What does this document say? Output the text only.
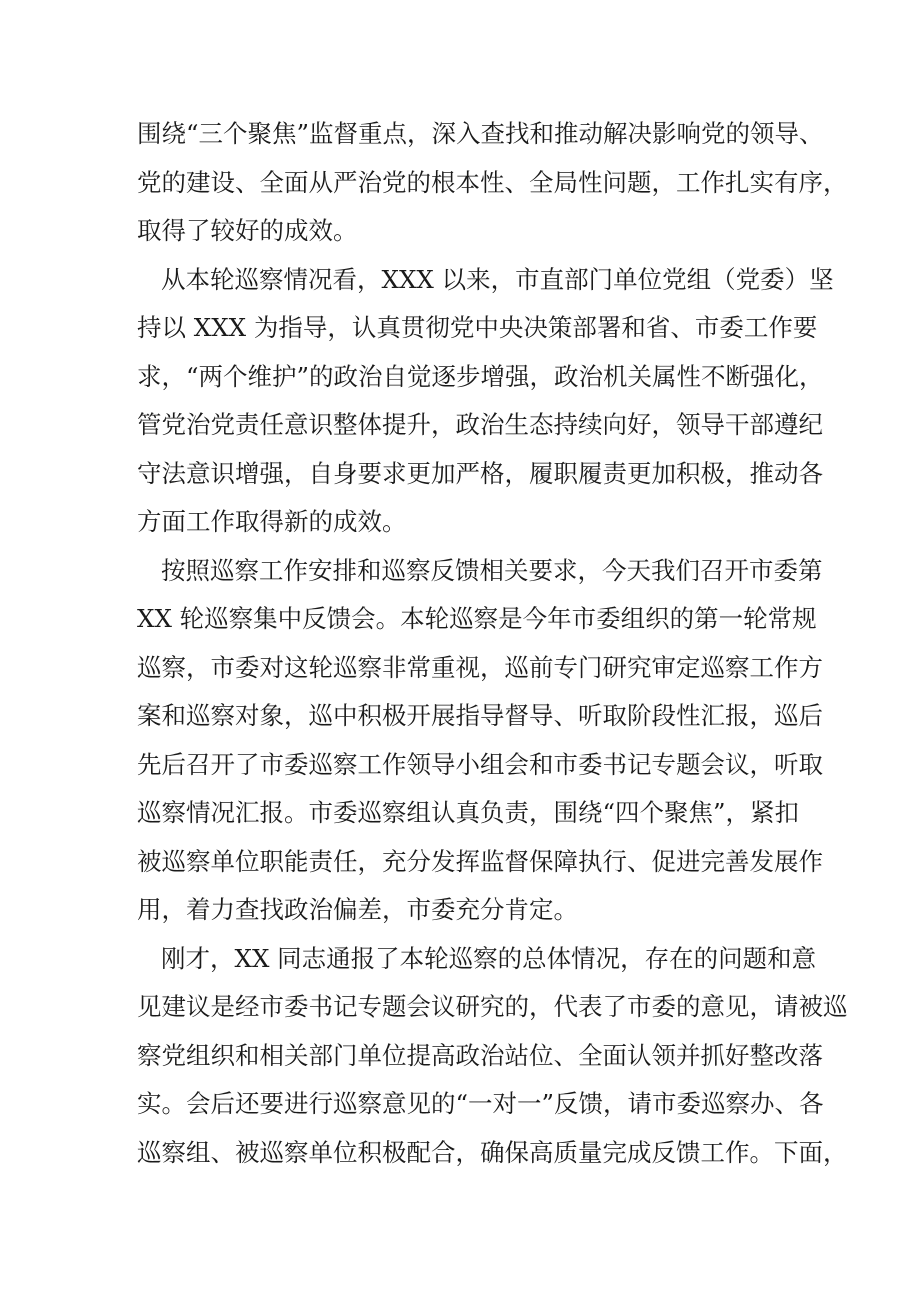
围绕“三个聚焦”监督重点，深入查找和推动解决影响党的领导、
党的建设、全面从严治党的根本性、全局性问题，工作扎实有序，
取得了较好的成效。
从本轮巡察情况看，XXX 以来，市直部门单位党组（党委）坚
持以 XXX 为指导，认真贯彻党中央决策部署和省、市委工作要
求，“两个维护”的政治自觉逐步增强，政治机关属性不断强化，
管党治党责任意识整体提升，政治生态持续向好，领导干部遵纪
守法意识增强，自身要求更加严格，履职履责更加积极，推动各
方面工作取得新的成效。
按照巡察工作安排和巡察反馈相关要求，今天我们召开市委第
XX 轮巡察集中反馈会。本轮巡察是今年市委组织的第一轮常规
巡察，市委对这轮巡察非常重视，巡前专门研究审定巡察工作方
案和巡察对象，巡中积极开展指导督导、听取阶段性汇报，巡后
先后召开了市委巡察工作领导小组会和市委书记专题会议，听取
巡察情况汇报。市委巡察组认真负责，围绕“四个聚焦”，紧扣
被巡察单位职能责任，充分发挥监督保障执行、促进完善发展作
用，着力查找政治偏差，市委充分肯定。
刚才，XX 同志通报了本轮巡察的总体情况，存在的问题和意
见建议是经市委书记专题会议研究的，代表了市委的意见，请被巡
察党组织和相关部门单位提高政治站位、全面认领并抓好整改落
实。会后还要进行巡察意见的“一对一”反馈，请市委巡察办、各
巡察组、被巡察单位积极配合，确保高质量完成反馈工作。下面，
